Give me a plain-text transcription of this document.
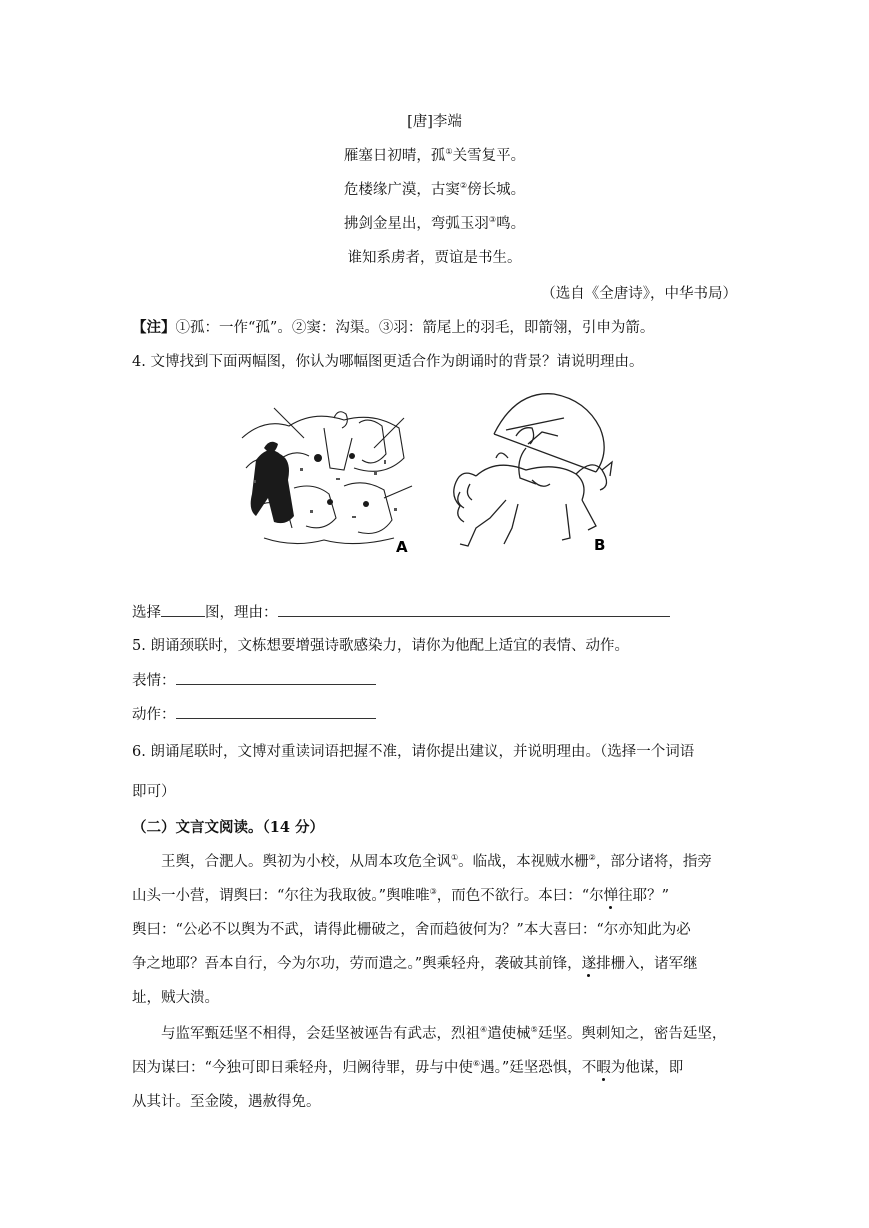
[唐]李端
雁塞日初晴，孤①关雪复平。
危楼缘广漠，古窦②傍长城。
拂剑金星出，弯弧玉羽③鸣。
谁知系虏者，贾谊是书生。
（选自《全唐诗》，中华书局）
【注】①孤：一作“孤”。②窦：沟渠。③羽：箭尾上的羽毛，即箭翎，引申为箭。
4. 文博找到下面两幅图，你认为哪幅图更适合作为朗诵时的背景？请说明理由。
A	B
选择	图，理由：
5. 朗诵颈联时，文栋想要增强诗歌感染力，请你为他配上适宜的表情、动作。
表情：
动作：
6. 朗诵尾联时，文博对重读词语把握不准，请你提出建议，并说明理由。（选择一个词语
即可）
（二）文言文阅读。（14 分）
王舆，合淝人。舆初为小校，从周本攻危全讽①。临战，本视贼水栅②，部分诸将，指旁
山头一小营，谓舆曰：“尔往为我取彼。”舆唯唯③，而色不欲行。本曰：“尔惮往耶？”
舆曰：“公必不以舆为不武，请得此栅破之，舍而趋彼何为？”本大喜曰：“尔亦知此为必
争之地耶？吾本自行，今为尔功，劳而遣之。”舆乘轻舟，袭破其前锋，遂排栅入，诸军继
址，贼大溃。
与监军甄廷坚不相得，会廷坚被诬告有武志，烈祖④遣使械⑤廷坚。舆刺知之，密告廷坚，
因为谋曰：“今独可即日乘轻舟，归阙待罪，毋与中使⑥遇。”廷坚恐惧，不暇为他谋，即
从其计。至金陵，遇赦得免。
